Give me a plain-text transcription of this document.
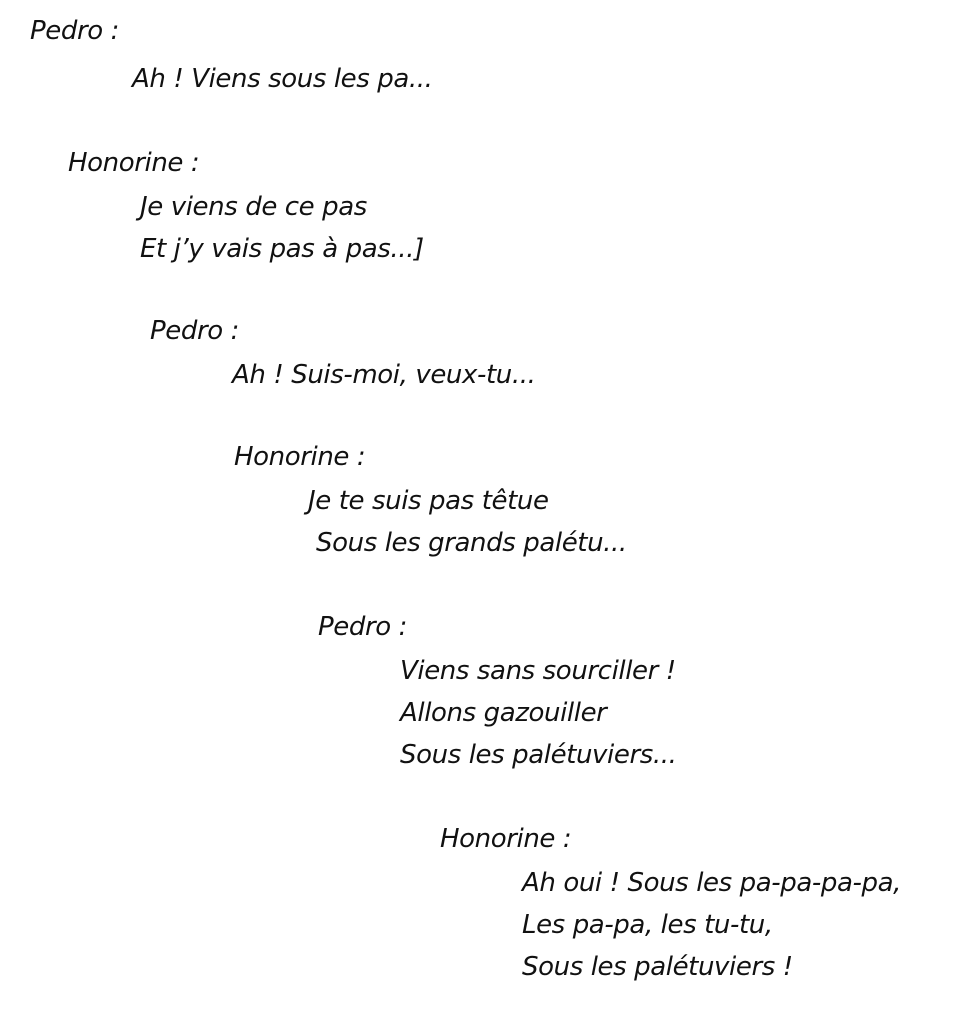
Pedro :
Ah ! Viens sous les pa...
Honorine :
Je viens de ce pas
Et j’y vais pas à pas...]
Pedro :
Ah ! Suis-moi, veux-tu...
Honorine :
Je te suis pas têtue
Sous les grands palétu...
Pedro :
Viens sans sourciller !
Allons gazouiller
Sous les palétuviers...
Honorine :
Ah oui ! Sous les pa-pa-pa-pa,
Les pa-pa, les tu-tu,
Sous les palétuviers !
